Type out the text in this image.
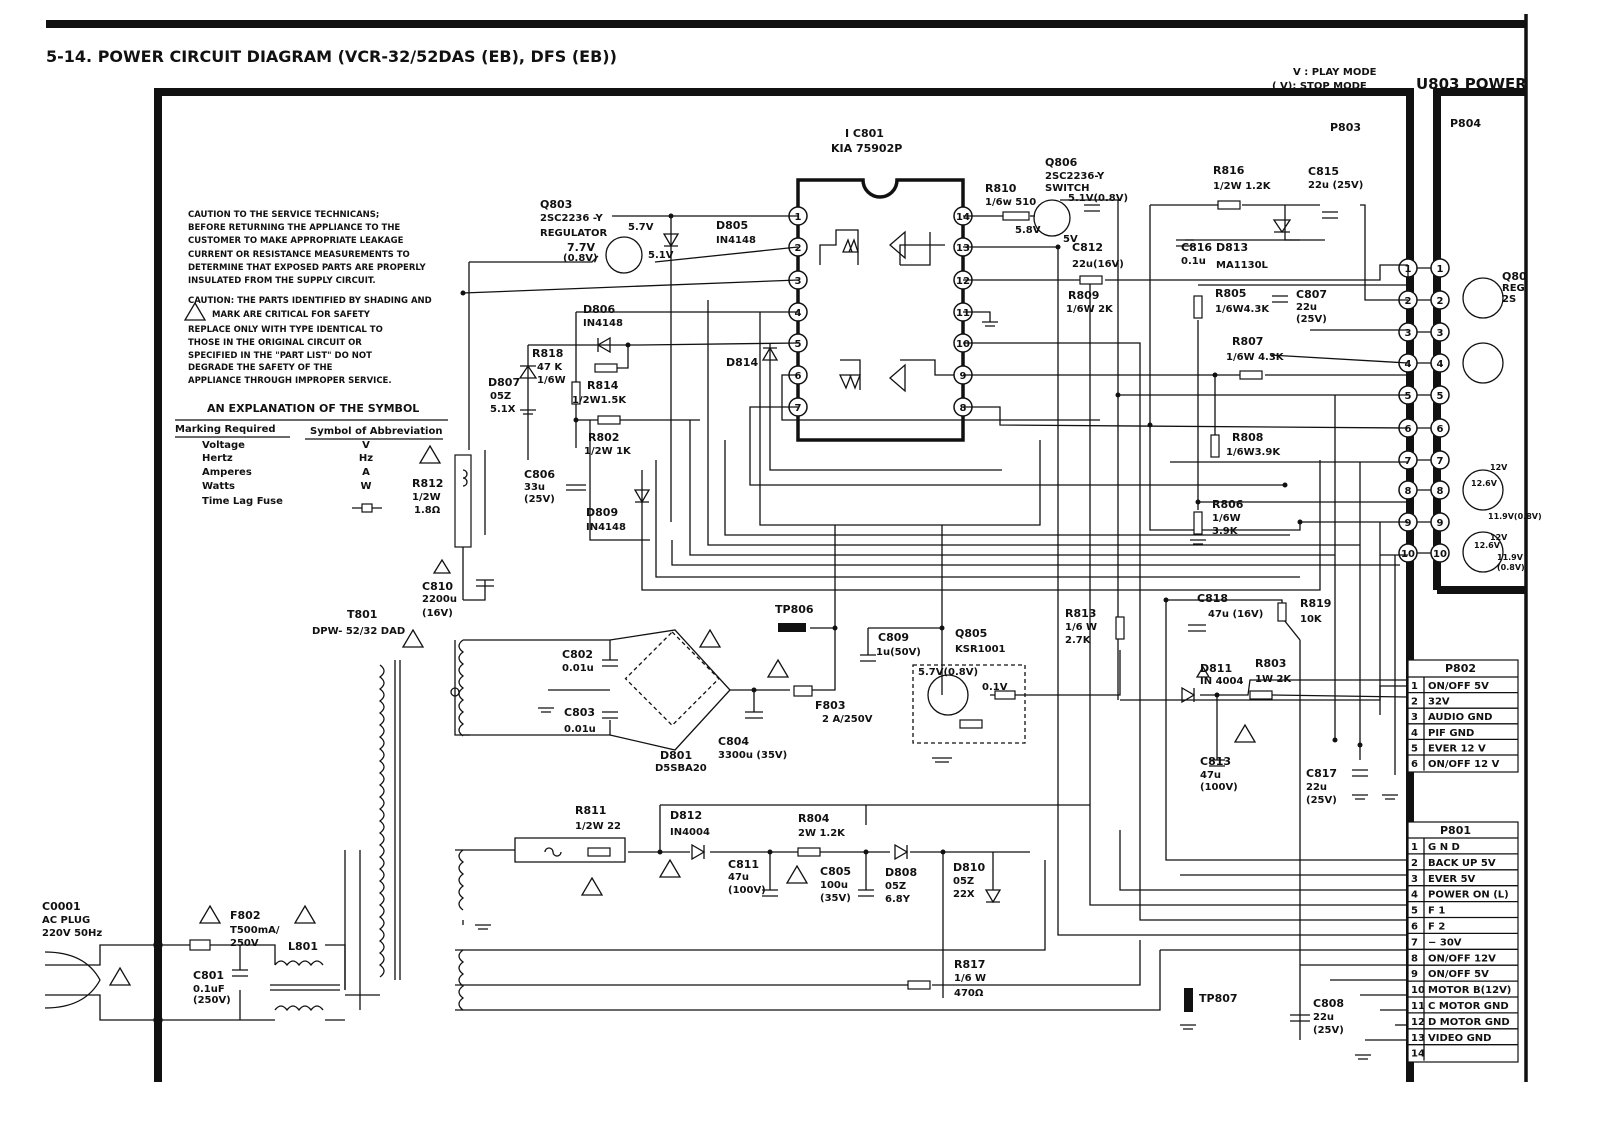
5-14. POWER CIRCUIT DIAGRAM (VCR-32/52DAS (EB), DFS (EB))
V : PLAY MODE
( V): STOP MODE	U803 POWER
P803	P804
I C801
KIA 75902P
1	14
2	13
3	12
4	11
5	10
6	9
7	8
1	1
2	2
3	3
4	4
5	5
6	6
7	7
8	8
9	9
10 10
CAUTION TO THE SERVICE TECHNICANS;
BEFORE RETURNING THE APPLIANCE TO THE
CUSTOMER TO MAKE APPROPRIATE LEAKAGE
CURRENT OR RESISTANCE MEASUREMENTS TO
DETERMINE THAT EXPOSED PARTS ARE PROPERLY
INSULATED FROM THE SUPPLY CIRCUIT.
CAUTION: THE PARTS IDENTIFIED BY SHADING AND
MARK ARE CRITICAL FOR SAFETY
REPLACE ONLY WITH TYPE IDENTICAL TO
THOSE IN THE ORIGINAL CIRCUIT OR
SPECIFIED IN THE "PART LIST" DO NOT
DEGRADE THE SAFETY OF THE
APPLIANCE THROUGH IMPROPER SERVICE.
AN EXPLANATION OF THE SYMBOL
Marking Required	Symbol of Abbreviation
Voltage	V
Hertz	Hz
Amperes	A
Watts	W
Time Lag Fuse
P802
1 ON/OFF 5V
2 32V
3 AUDIO GND
4 PIF GND
5 EVER 12 V
6 ON/OFF 12 V
P801
1 G N D
2 BACK UP 5V
3 EVER 5V
4 POWER ON (L)
5 F 1
6 F 2
7 − 30V
8 ON/OFF 12V
9 ON/OFF 5V
10 MOTOR B(12V)
11 C MOTOR GND
12 D MOTOR GND
13 VIDEO GND
14
Q803
2SC2236 -Y
REGULATOR
7.7V
(0.8V)
5.7V
5.1V
D805
IN4148
D806
IN4148
R818
47 K
1/6W
D807
05Z
5.1X
R814
1/2W1.5K
D814
R802
1/2W 1K
C806
33u
(25V)
D809
IN4148
R812
1/2W
1.8Ω
C810
2200u
(16V)
T801
DPW- 52/32 DAD
R810
1/6w 510
Q806
2SC2236-Y
SWITCH
5.1V(0.8V)
5.8V
5V
C812
22u(16V)
R809
1/6W 2K
R816
1/2W 1.2K
C815
22u (25V)
C816
0.1u
D813
MA1130L
R805
1/6W4.3K
C807
22u
(25V)
R807
1/6W 4.3K
R808
1/6W3.9K
R806
1/6W
3.9K
TP806
C809
1u(50V)
Q805
KSR1001
5.7V(0.8V)
0.1V
R813
1/6 W
2.7K
C818
47u (16V)
R819
10K
D811
IN 4004
R803
1W 2K
C813
47u
(100V)
C817
22u
(25V)
C802
0.01u
C803
0.01u
D801
D5SBA20
C804
3300u (35V)
F803
2 A/250V
R811
1/2W 22
D812
IN4004
C811
47u
(100V)
R804
2W 1.2K
C805
100u
(35V)
D808
05Z
6.8Y
D810
05Z
22X
R817
1/6 W
470Ω	TP807	C808
22u
(25V)
C0001
AC PLUG
220V 50Hz
F802
T500mA/
250V
C801
0.1uF
(250V)
L801
Q80
REG
2S
12V
12.6V
11.9V(0.8V)
12V
12.6V
11.9V
(0.8V)
